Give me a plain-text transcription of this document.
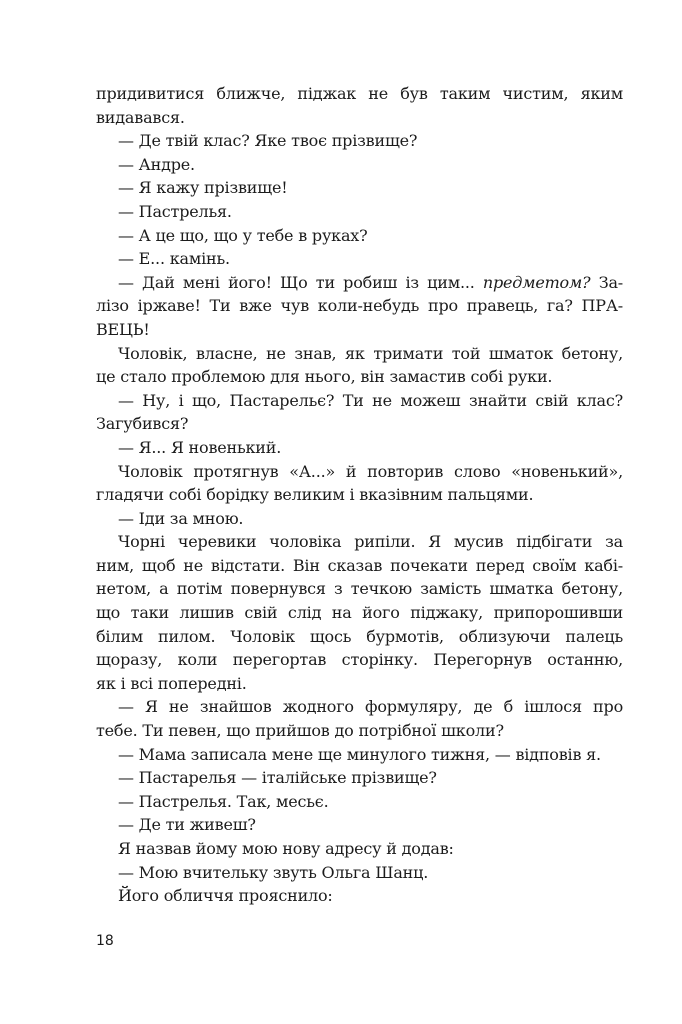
придивитися ближче, піджак не був таким чистим, яким
видавався.
— Де твій клас? Яке твоє прізвище?
— Андре.
— Я кажу прізвище!
— Пастрелья.
— А це що, що у тебе в руках?
— Е... камінь.
— Дай мені його! Що ти робиш із цим... предметом? За-
лізо іржаве! Ти вже чув коли-небудь про правець, га? ПРА-
ВЕЦЬ!
Чоловік, власне, не знав, як тримати той шматок бетону,
це стало проблемою для нього, він замастив собі руки.
— Ну, і що, Пастарельє? Ти не можеш знайти свій клас?
Загубився?
— Я... Я новенький.
Чоловік протягнув «А...» й повторив слово «новенький»,
гладячи собі борідку великим і вказівним пальцями.
— Іди за мною.
Чорні черевики чоловіка рипіли. Я мусив підбігати за
ним, щоб не відстати. Він сказав почекати перед своїм кабі-
нетом, а потім повернувся з течкою замість шматка бетону,
що таки лишив свій слід на його піджаку, припорошивши
білим пилом. Чоловік щось бурмотів, облизуючи палець
щоразу, коли перегортав сторінку. Перегорнув останню,
як і всі попередні.
— Я не знайшов жодного формуляру, де б ішлося про
тебе. Ти певен, що прийшов до потрібної школи?
— Мама записала мене ще минулого тижня, — відповів я.
— Пастарелья — італійське прізвище?
— Пастрелья. Так, месьє.
— Де ти живеш?
Я назвав йому мою нову адресу й додав:
— Мою вчительку звуть Ольга Шанц.
Його обличчя прояснило:
18
